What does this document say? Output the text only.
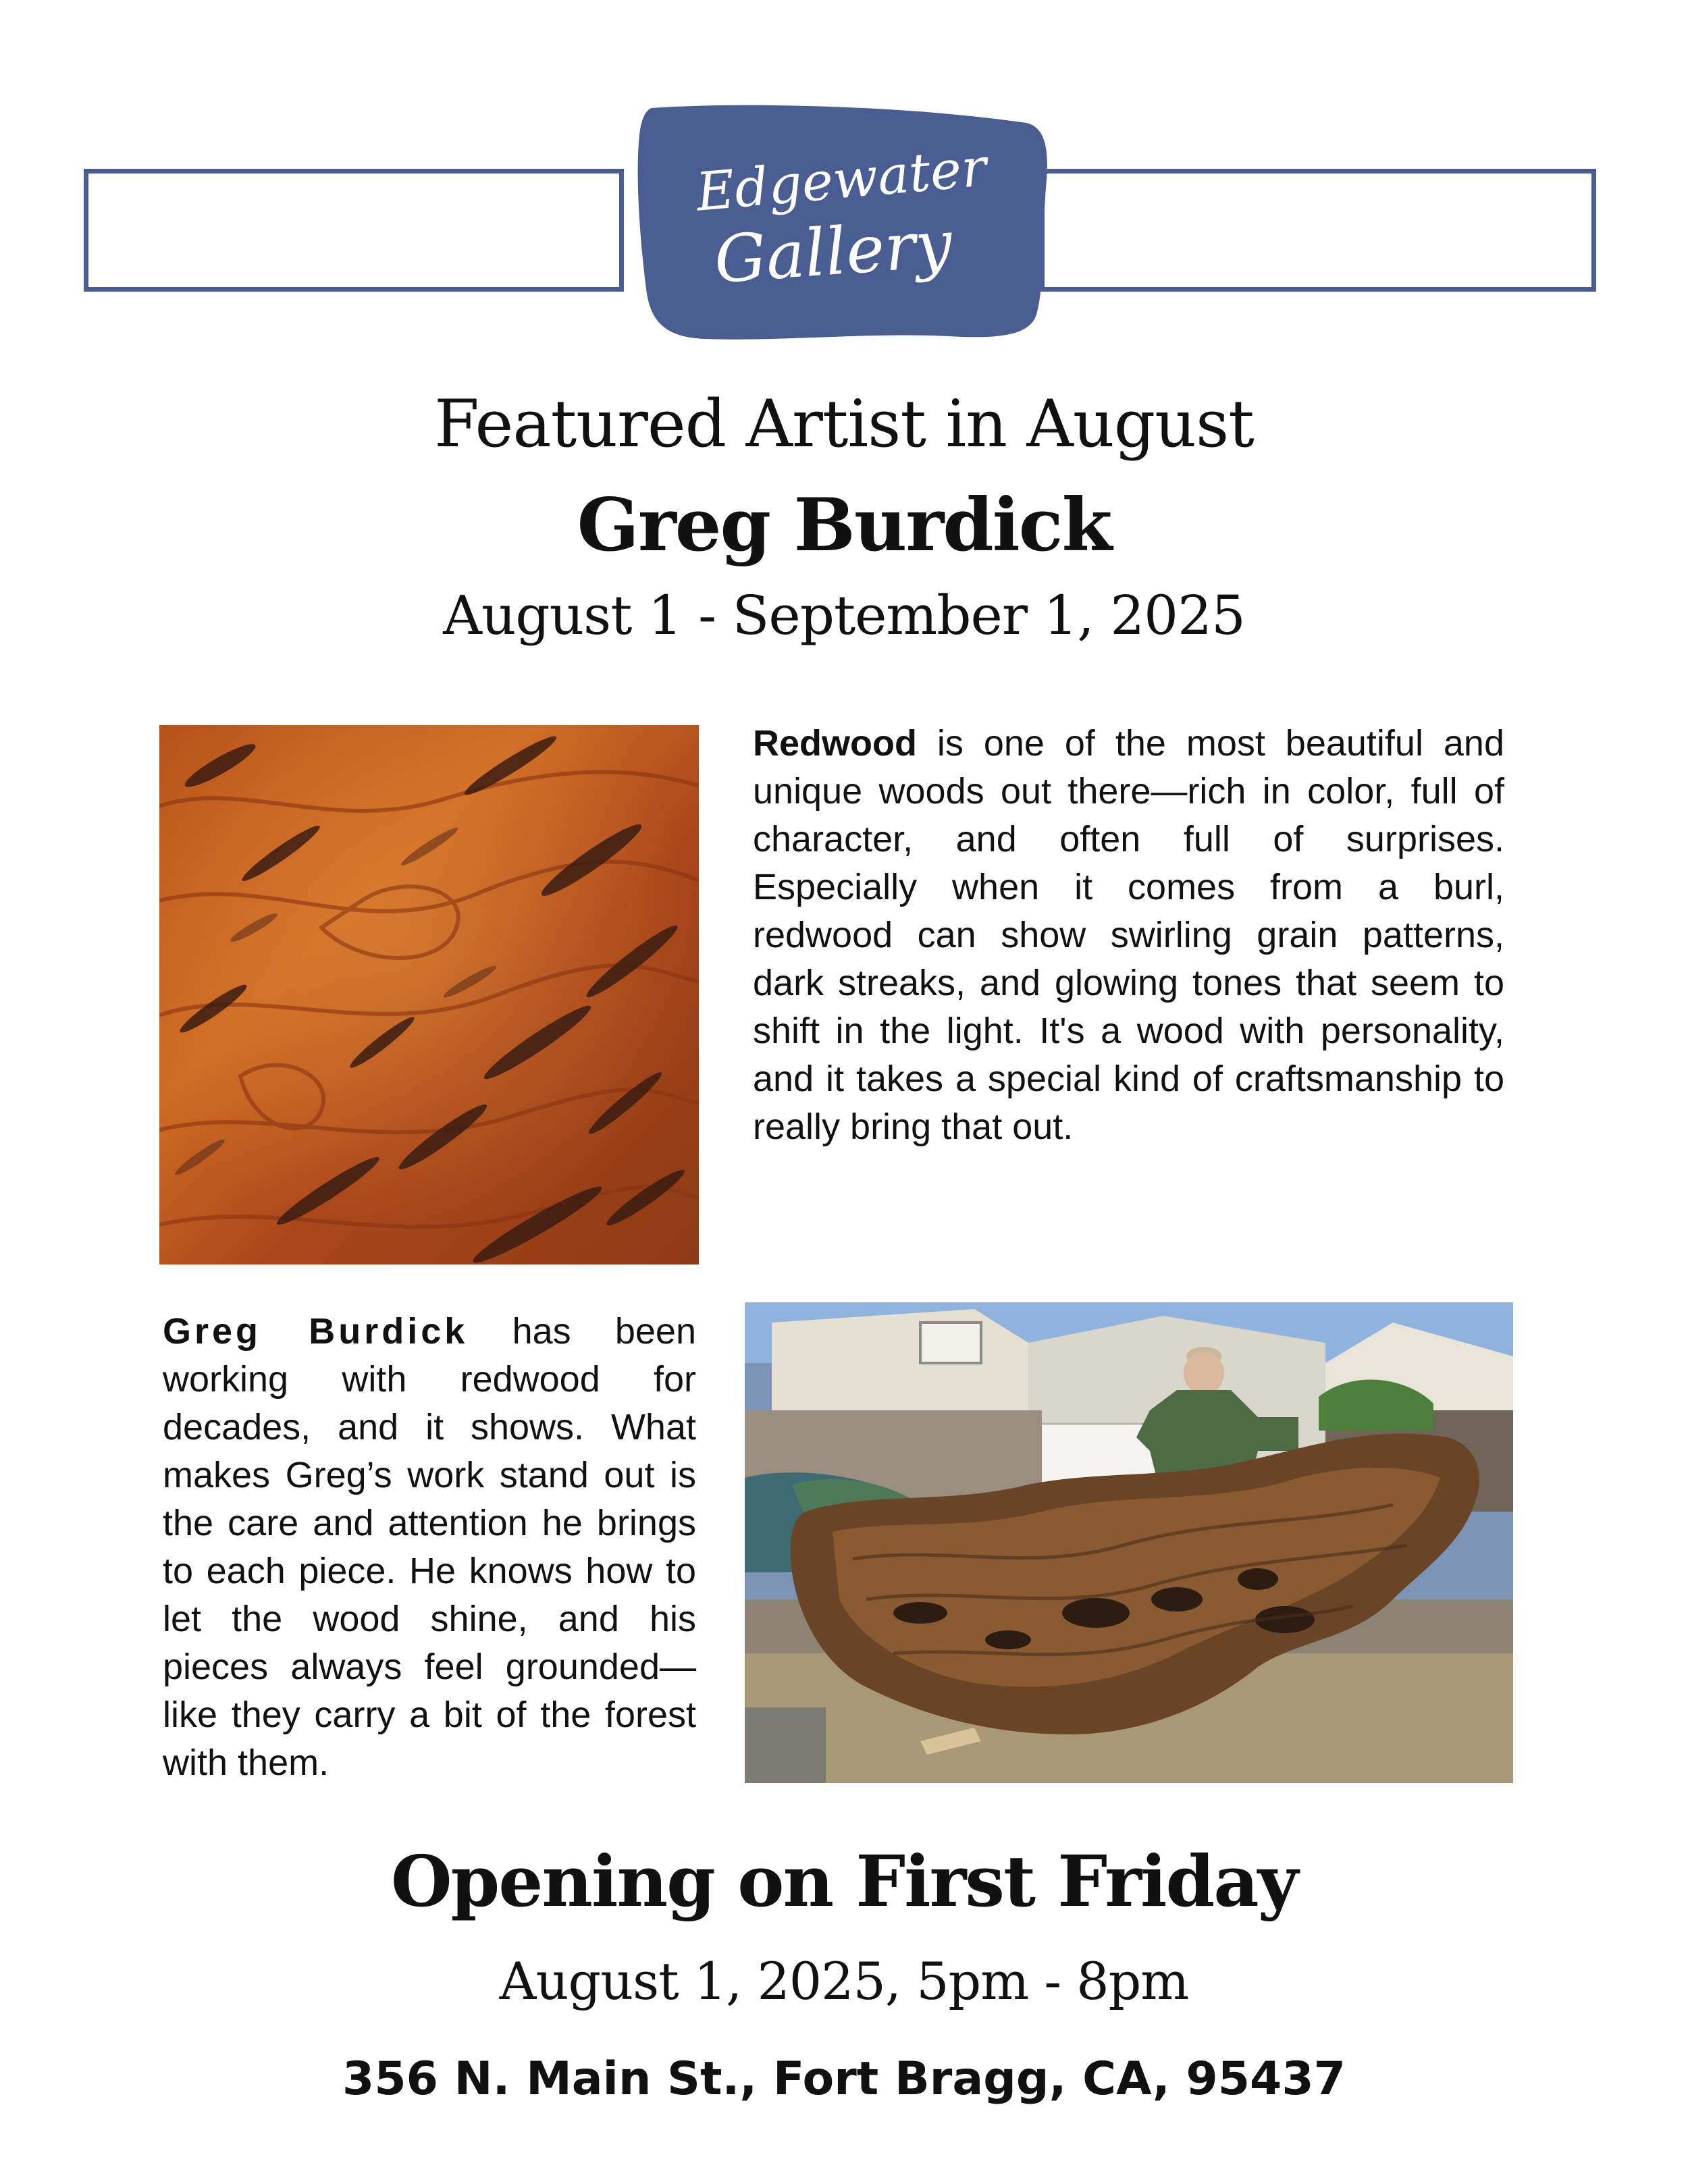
Edgewater
Gallery
Featured Artist in August
Greg Burdick
August 1 - September 1, 2025
Redwood is one of the most beautiful and unique woods out there—rich in color, full of character, and often full of surprises. Especially when it comes from a burl, redwood can show swirling grain patterns, dark streaks, and glowing tones that seem to shift in the light. It's a wood with personality, and it takes a special kind of craftsmanship to really bring that out.
Greg Burdick has been working with redwood for decades, and it shows. What makes Greg’s work stand out is the care and attention he brings to each piece. He knows how to let the wood shine, and his pieces always feel grounded—like they carry a bit of the forest with them.
Opening on First Friday
August 1, 2025, 5pm - 8pm
356 N. Main St., Fort Bragg, CA, 95437
